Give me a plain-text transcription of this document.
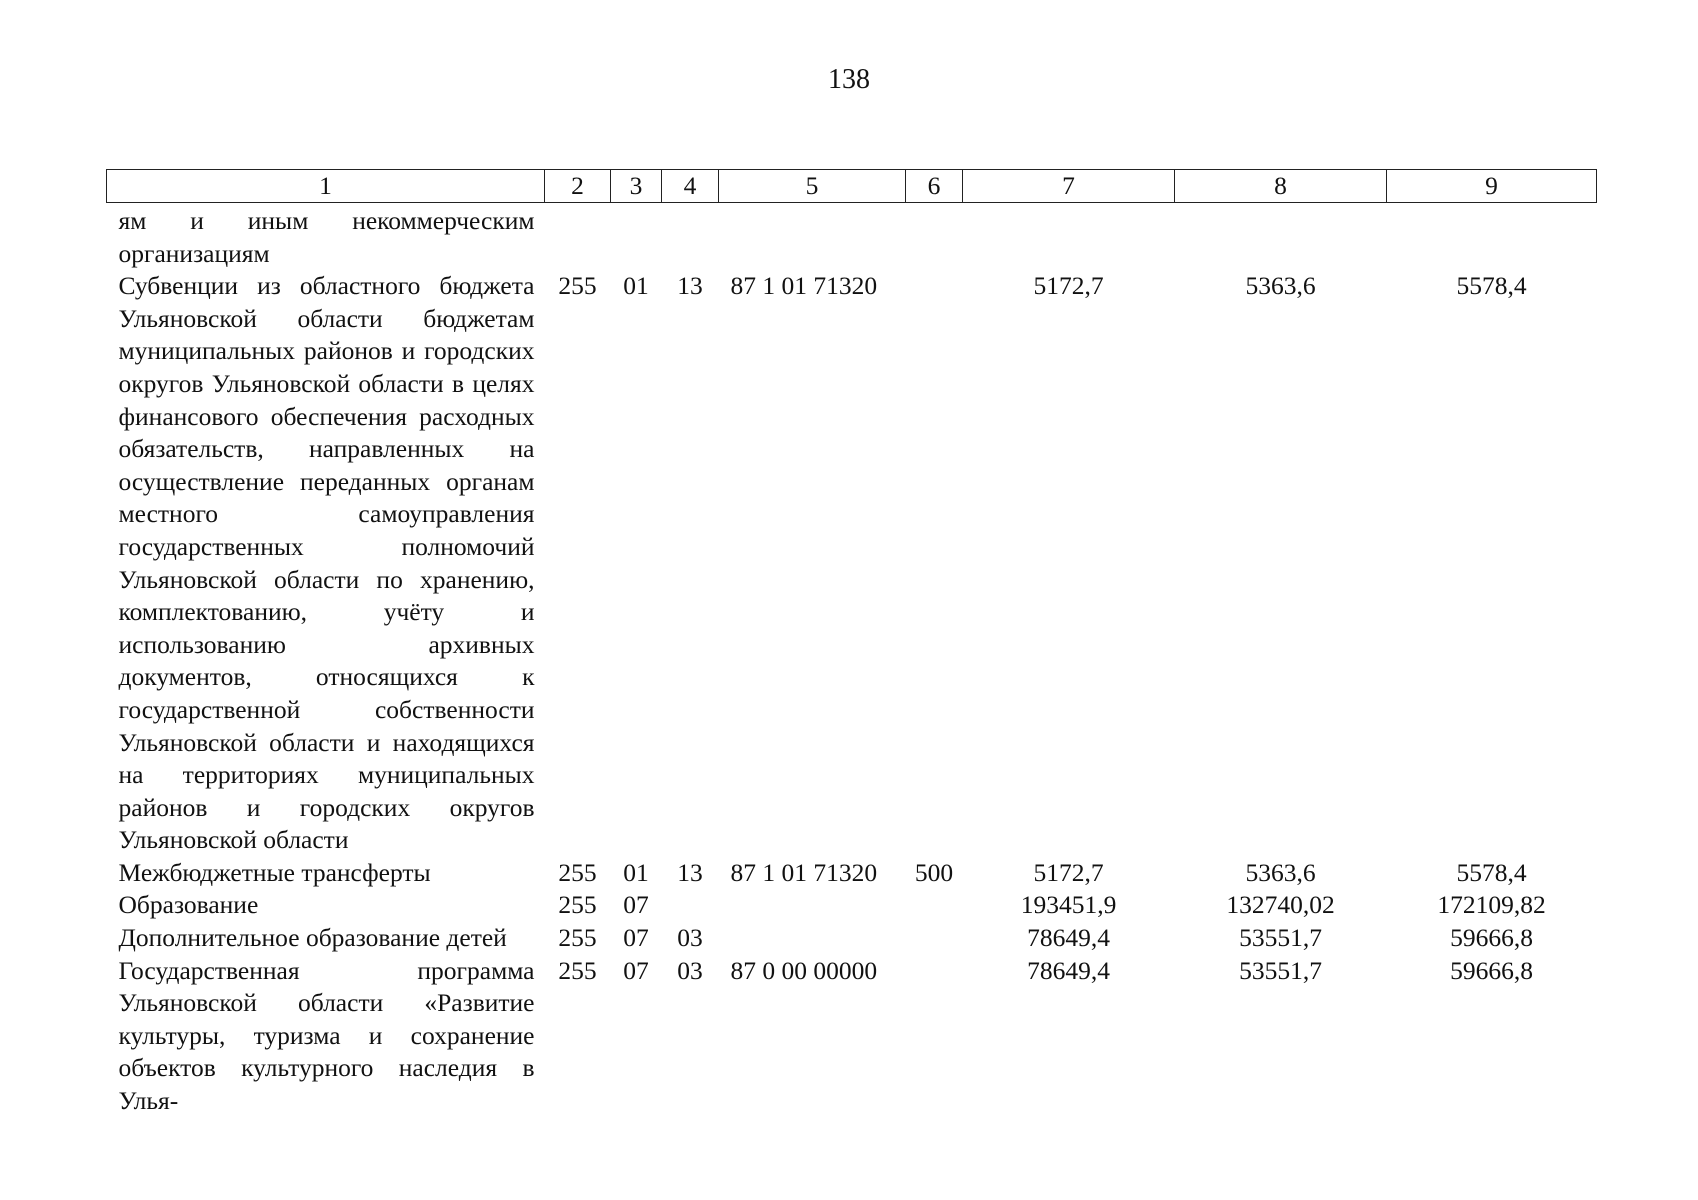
138
1	2	3	4	5	6	7	8	9
ям и иным некоммерческим организациям								
Субвенции из областного бюджета Ульяновской области бюджетам муниципальных районов и городских округов Ульяновской области в целях финансового обеспечения расходных обязательств, направленных на осуществление переданных органам местного самоуправления государственных полномочий Ульяновской области по хранению, комплектованию, учёту и использованию архивных документов, относящихся к государственной собственности Ульяновской области и находящихся на территориях муниципальных районов и городских округов Ульяновской области	255	01	13	87 1 01 71320		5172,7	5363,6	5578,4
Межбюджетные трансферты	255	01	13	87 1 01 71320	500	5172,7	5363,6	5578,4
Образование	255	07				193451,9	132740,02	172109,82
Дополнительное образование детей	255	07	03			78649,4	53551,7	59666,8
Государственная программа Ульяновской области «Развитие культуры, туризма и сохранение объектов культурного наследия в Улья-	255	07	03	87 0 00 00000		78649,4	53551,7	59666,8
